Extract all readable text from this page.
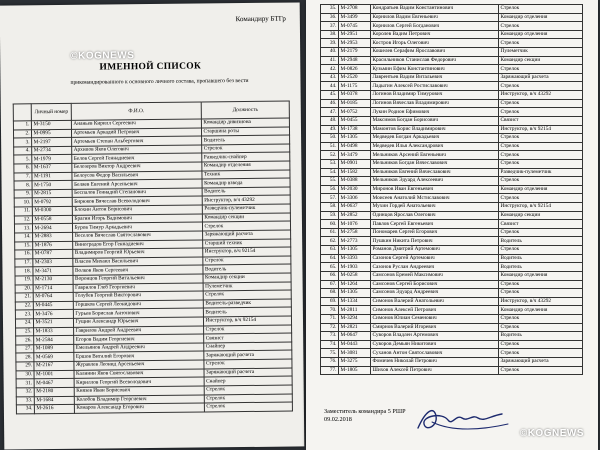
Командиру БТГр
©KOGNEWS
ИМЕННОЙ СПИСОК
прикомандированного к основного личного состава, пропавшего без вести
	Личный номер	Ф.И.О.	Должность
1.	M-3150	Ананьев Кирилл Сергеевич	Командир дивизиона
2.	M-0995	Артемьев Аркадий Петрович	Старшина роты
3.	M-2197	Артемьев Степан Альбертович	Водитель
4.	M-2734	Архипов Яков Олегович	Стрелок
5.	M-1979	Белов Сергей Геннадиевич	Разведчик-снайпер
6.	M-1637	Белозеров Виктор Андреевич	Командир отделения
7.	M-1191	Белоусов Федор Васильевич	Техник
8.	M-1750	Беляев Евгений Арсеньевич	Командир взвода
9.	M-2815	Беспалов Геннадий Степанович	Водитель
10.	M-0792	Бирюков Вячеслав Всеволодович	Инструктор, в/ч 43292
11.	M-0300	Блохин Антон Борисович	Разведчик-пулеметчик
12.	M-0558	Брагин Игорь Вадимович	Командир секции
13.	M-2694	Буров Тимур Аркадьевич	Стрелок
14.	M-2883	Веселов Вячеслав Святославович	Заряжающий расчета
15.	M-1876	Виноградов Егор Геннадиевич	Старший техник
16.	M-0787	Владимиров Георгий Юрьевич	Инструктор, в/ч 92154
17.	M-2303	Власов Михаил Васильевич	Стрелок
18.	M-3471	Волков Яков Сергеевич	Водитель
19.	M-2130	Воронцов Георгий Витальевич	Командир секции
20.	M-1714	Гаврилов Глеб Георгиевич	Пулеметчик
21.	M-0764	Голубев Георгий Викторович	Стрелок
22.	M-0445	Горшков Сергей Леонидович	Водитель-разведчик
23.	M-3476	Гурьев Борислав Антонович	Водитель
24.	M-3521	Гущин Александр Юрьевич	Инструктор, в/ч 92154
25.	M-1833	Гаврилов Андрей Андреевич	Стрелок
26.	M-2584	Егоров Вадим Георгиевич	Связист
27.	M-1089	Емельянов Андрей Андреевич	Снайпер
28.	M-0569	Ершов Виталий Егорович	Заряжающий расчета
29.	M-2167	Журавлев Леонид Арсеньевич	Стрелок
30.	M-1001	Калинин Яков Святославович	Заряжающий расчета
31.	M-0467	Кириллов Георгий Всеволодович	Снайпер
32.	M-2180	Князев Иван Борисович	Стрелок
33.	M-1684	Колобов Владимир Георгиевич	Стрелок
34.	M-2616	Комаров Александр Егорович	Стрелок
35.	M-2708	Кондратьев Вадим Константинович	Стрелок
36.	M-3499	Корнилов Вадим Евгеньевич	Командир отделения
37.	M-0745	Корнилов Сергей Богданович	Стрелок
38.	M-2951	Королев Вадим Петрович	Командир отделения
39.	M-2953	Костров Игорь Олегович	Стрелок
40.	M-2179	Кошелев Серафим Ярославович	Пулеметчик
41.	M-2948	Красильников Станислав Федорович	Командир секции
42.	M-0826	Кузьмин Ефим Константинович	Стрелок
43.	M-2520	Лаврентьев Вадим Витальевич	Заряжающий расчета
44.	M-1175	Ладыгин Алексей Ростиславович	Стрелок
45.	M-0378	Логинов Владимир Тимурович	Инструктор, в/ч 43292
46.	M-0185	Логинов Вячеслав Владимирович	Стрелок
47.	M-0752	Лукин Родион Ефимович	Стрелок
48.	M-0455	Максимов Богдан Борисович	Связист
49.	M-1738	Мамонтов Борис Владимирович	Инструктор, в/ч 92154
50.	M-1305	Медведев Богдан Аркадьевич	Стрелок
51.	M-0498	Медведев Илья Александрович	Стрелок
52.	M-3479	Мельников Арсений Евгеньевич	Стрелок
53.	M-0901	Мельников Богдан Вячеславович	Стрелок
54.	M-1582	Мельников Евгений Вячеславович	Разведчик-пулеметчик
55.	M-0388	Мельников Эдуард Алексеевич	Стрелок
56.	M-2030	Миронов Иван Евгеньевич	Командир отделения
57.	M-3306	Моисеев Анатолий Мстиславович	Стрелок
58.	M-0637	Мухин Гордей Анатольевич	Инструктор, в/ч 92154
59.	M-2852	Одинцов Ярослав Олегович	Командир секции
60.	M-1076	Павлов Сергей Евгеньевич	Связист
61.	M-2758	Пономарев Сергей Егорович	Стрелок
62.	M-2773	Пушкин Никита Петрович	Водитель
63.	M-1305	Романов Дмитрий Артемович	Стрелок
64.	M-3393	Сазонов Сергей Артемович	Водитель
65.	M-1903	Сазонов Руслан Андреевич	Водитель
66.	M-0258	Самсонов Еремей Максимович	Командир отделения
67.	M-1264	Самсонов Сергей Борисович	Стрелок
68.	M-1305	Самсонов Эдуард Андреевич	Стрелок
69.	M-1334	Симонов Валерий Анатольевич	Инструктор, в/ч 43292
70.	M-2811	Симонов Алексей Петрович	Командир отделения
71.	M-3294	Симонов Юлиан Семенович	Стрелок
72.	M-2821	Смирнов Валерий Игоревич	Стрелок
73.	M-0647	Суворов Владлен Артемович	Водитель
74.	M-0443	Суворов Демьян Никитович	Стрелок
75.	M-3081	Суханов Антон Святославович	Стрелок
76.	M-3275	Фомичев Николай Петрович	Заряжающий расчета
77.	M-1805	Шихов Алексей Петрович	Стрелок
Заместитель командира 5 РШР
09.02.2018
©KOGNEWS
